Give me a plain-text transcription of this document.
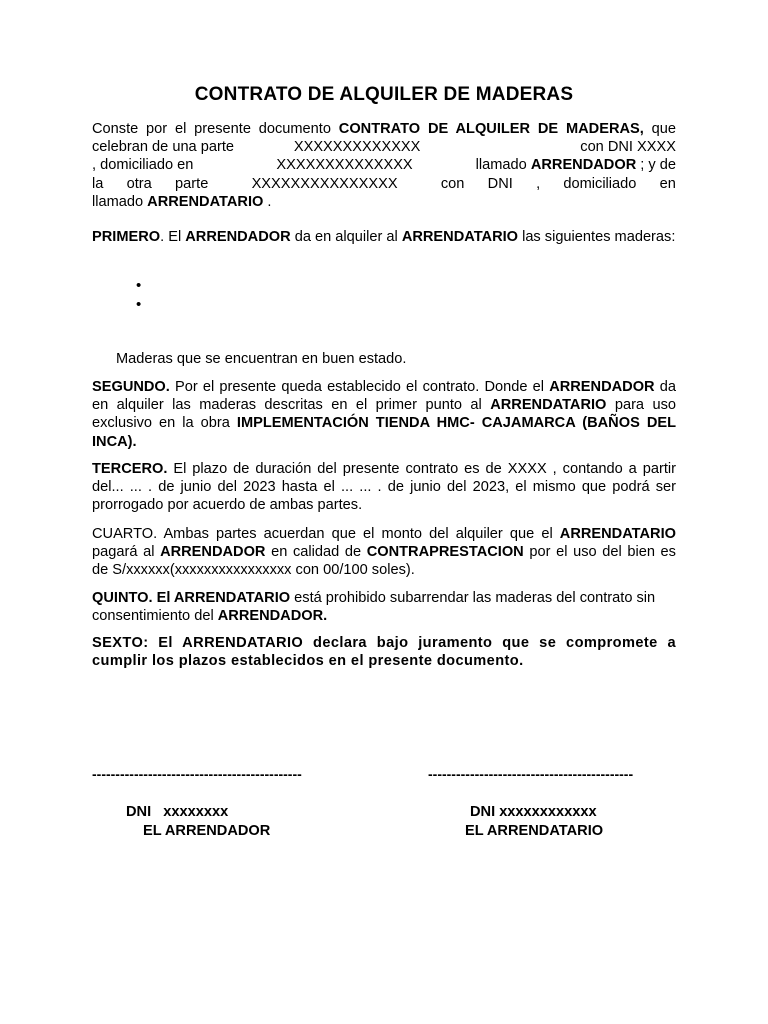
CONTRATO DE ALQUILER DE MADERAS
Conste por el presente documento CONTRATO DE ALQUILER DE MADERAS, que
celebran de una parte	XXXXXXXXXXXXX	con DNI XXXX
, domiciliado en	XXXXXXXXXXXXXX	llamado ARRENDADOR ; y de
la otra parte	XXXXXXXXXXXXXXX	con DNI , domiciliado en
llamado ARRENDATARIO .
PRIMERO. El ARRENDADOR da en alquiler al ARRENDATARIO las siguientes maderas:
•
•
Maderas que se encuentran en buen estado.
SEGUNDO. Por el presente queda establecido el contrato. Donde el ARRENDADOR da en alquiler las maderas descritas en el primer punto al ARRENDATARIO para uso exclusivo en la obra IMPLEMENTACIÓN TIENDA HMC- CAJAMARCA (BAÑOS DEL INCA).
TERCERO. El plazo de duración del presente contrato es de XXXX , contando a partir del... ... . de junio del 2023 hasta el ... ... . de junio del 2023, el mismo que podrá ser prorrogado por acuerdo de ambas partes.
CUARTO. Ambas partes acuerdan que el monto del alquiler que el ARRENDATARIO pagará al ARRENDADOR en calidad de CONTRAPRESTACION por el uso del bien es de S/xxxxxx(xxxxxxxxxxxxxxxx con 00/100 soles).
QUINTO. El ARRENDATARIO está prohibido subarrendar las maderas del contrato sin consentimiento del ARRENDADOR.
SEXTO: El ARRENDATARIO declara bajo juramento que se compromete a cumplir los plazos establecidos en el presente documento.
---------------------------------------------	--------------------------------------------
DNI   xxxxxxxx
EL ARRENDADOR
DNI xxxxxxxxxxxx
EL ARRENDATARIO
